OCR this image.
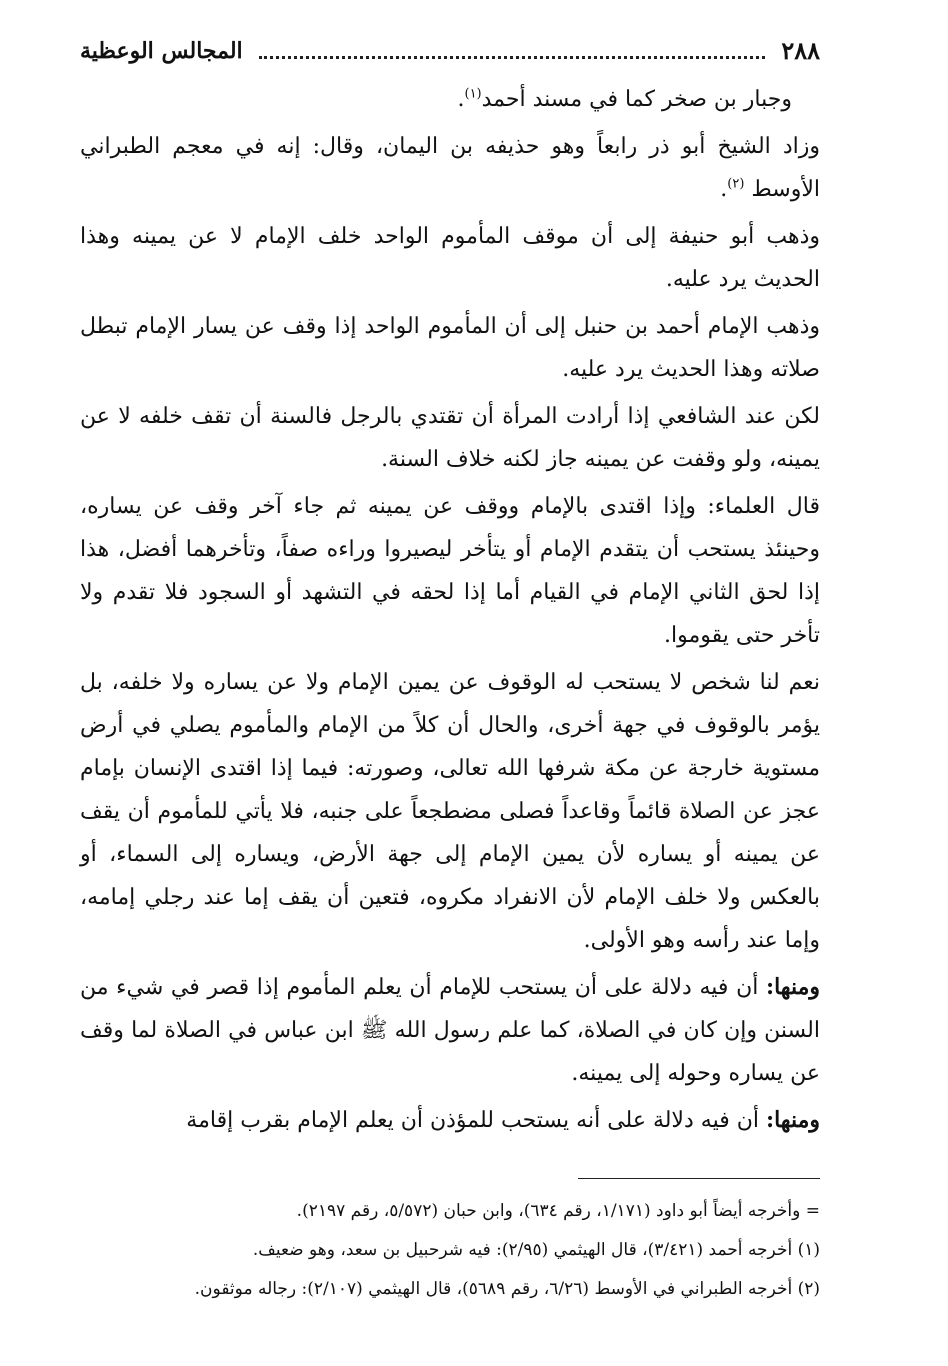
٢٨٨
المجالس الوعظية

وجبار بن صخر كما في مسند أحمد$^{(١)}$.

وزاد الشيخ أبو ذر رابعاً وهو حذيفه بن اليمان، وقال: إنه في معجم الطبراني الأوسط $^{(٢)}$.

وذهب أبو حنيفة إلى أن موقف المأموم الواحد خلف الإمام لا عن يمينه وهذا الحديث يرد عليه.

وذهب الإمام أحمد بن حنبل إلى أن المأموم الواحد إذا وقف عن يسار الإمام تبطل صلاته وهذا الحديث يرد عليه.

لكن عند الشافعي إذا أرادت المرأة أن تقتدي بالرجل فالسنة أن تقف خلفه لا عن يمينه، ولو وقفت عن يمينه جاز لكنه خلاف السنة.

قال العلماء: وإذا اقتدى بالإمام ووقف عن يمينه ثم جاء آخر وقف عن يساره، وحينئذ يستحب أن يتقدم الإمام أو يتأخر ليصيروا وراءه صفاً، وتأخرهما أفضل، هذا إذا لحق الثاني الإمام في القيام أما إذا لحقه في التشهد أو السجود فلا تقدم ولا تأخر حتى يقوموا.

نعم لنا شخص لا يستحب له الوقوف عن يمين الإمام ولا عن يساره ولا خلفه، بل يؤمر بالوقوف في جهة أخرى، والحال أن كلاً من الإمام والمأموم يصلي في أرض مستوية خارجة عن مكة شرفها الله تعالى، وصورته: فيما إذا اقتدى الإنسان بإمام عجز عن الصلاة قائماً وقاعداً فصلى مضطجعاً على جنبه، فلا يأتي للمأموم أن يقف عن يمينه أو يساره لأن يمين الإمام إلى جهة الأرض، ويساره إلى السماء، أو بالعكس ولا خلف الإمام لأن الانفراد مكروه، فتعين أن يقف إما عند رجلي إمامه، وإما عند رأسه وهو الأولى.

ومنها: أن فيه دلالة على أن يستحب للإمام أن يعلم المأموم إذا قصر في شيء من السنن وإن كان في الصلاة، كما علم رسول الله ﷺ ابن عباس في الصلاة لما وقف عن يساره وحوله إلى يمينه.

ومنها: أن فيه دلالة على أنه يستحب للمؤذن أن يعلم الإمام بقرب إقامة

= وأخرجه أيضاً أبو داود (١/١٧١، رقم ٦٣٤)، وابن حبان (٥/٥٧٢، رقم ٢١٩٧).

(١) أخرجه أحمد (٣/٤٢١)، قال الهيثمي (٢/٩٥): فيه شرحبيل بن سعد، وهو ضعيف.

(٢) أخرجه الطبراني في الأوسط (٦/٢٦، رقم ٥٦٨٩)، قال الهيثمي (٢/١٠٧): رجاله موثقون.
